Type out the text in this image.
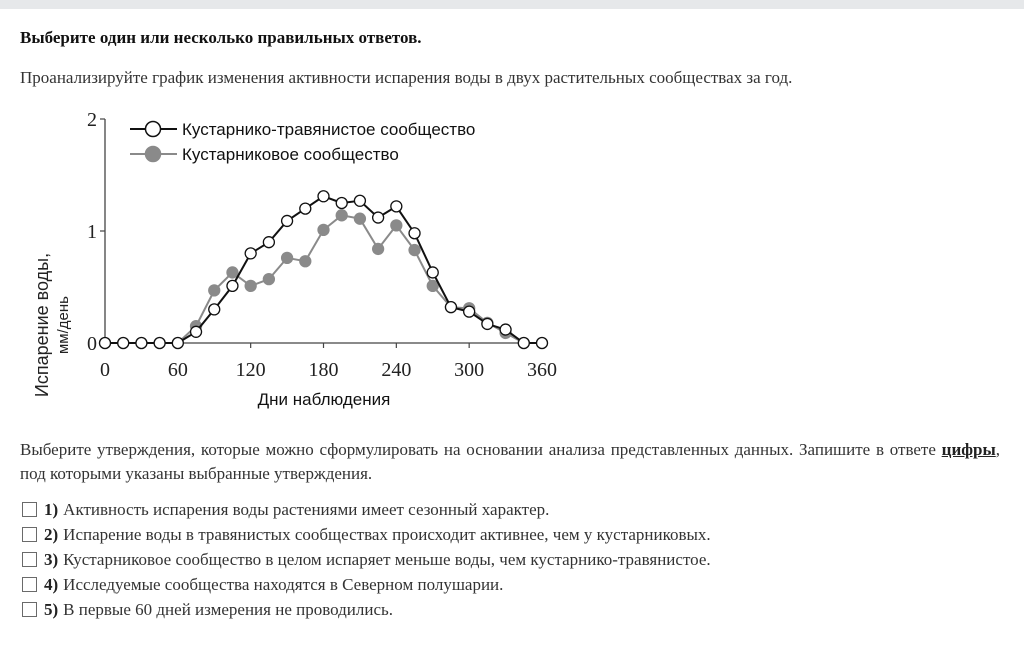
Выберите один или несколько правильных ответов.
Проанализируйте график изменения активности испарения воды в двух растительных сообществах за год.
0	60 120 180 240 300 360
0
1
2	Кустарнико-травянистое сообщество
Кустарниковое сообщество
Дни наблюдения
Испарение воды, мм/день
Выберите утверждения, которые можно сформулировать на основании анализа представленных данных. Запишите в ответе цифры, под которыми указаны выбранные утверждения.
1) Активность испарения воды растениями имеет сезонный характер.
2) Испарение воды в травянистых сообществах происходит активнее, чем у кустарниковых.
3) Кустарниковое сообщество в целом испаряет меньше воды, чем кустарнико-травянистое.
4) Исследуемые сообщества находятся в Северном полушарии.
5) В первые 60 дней измерения не проводились.
